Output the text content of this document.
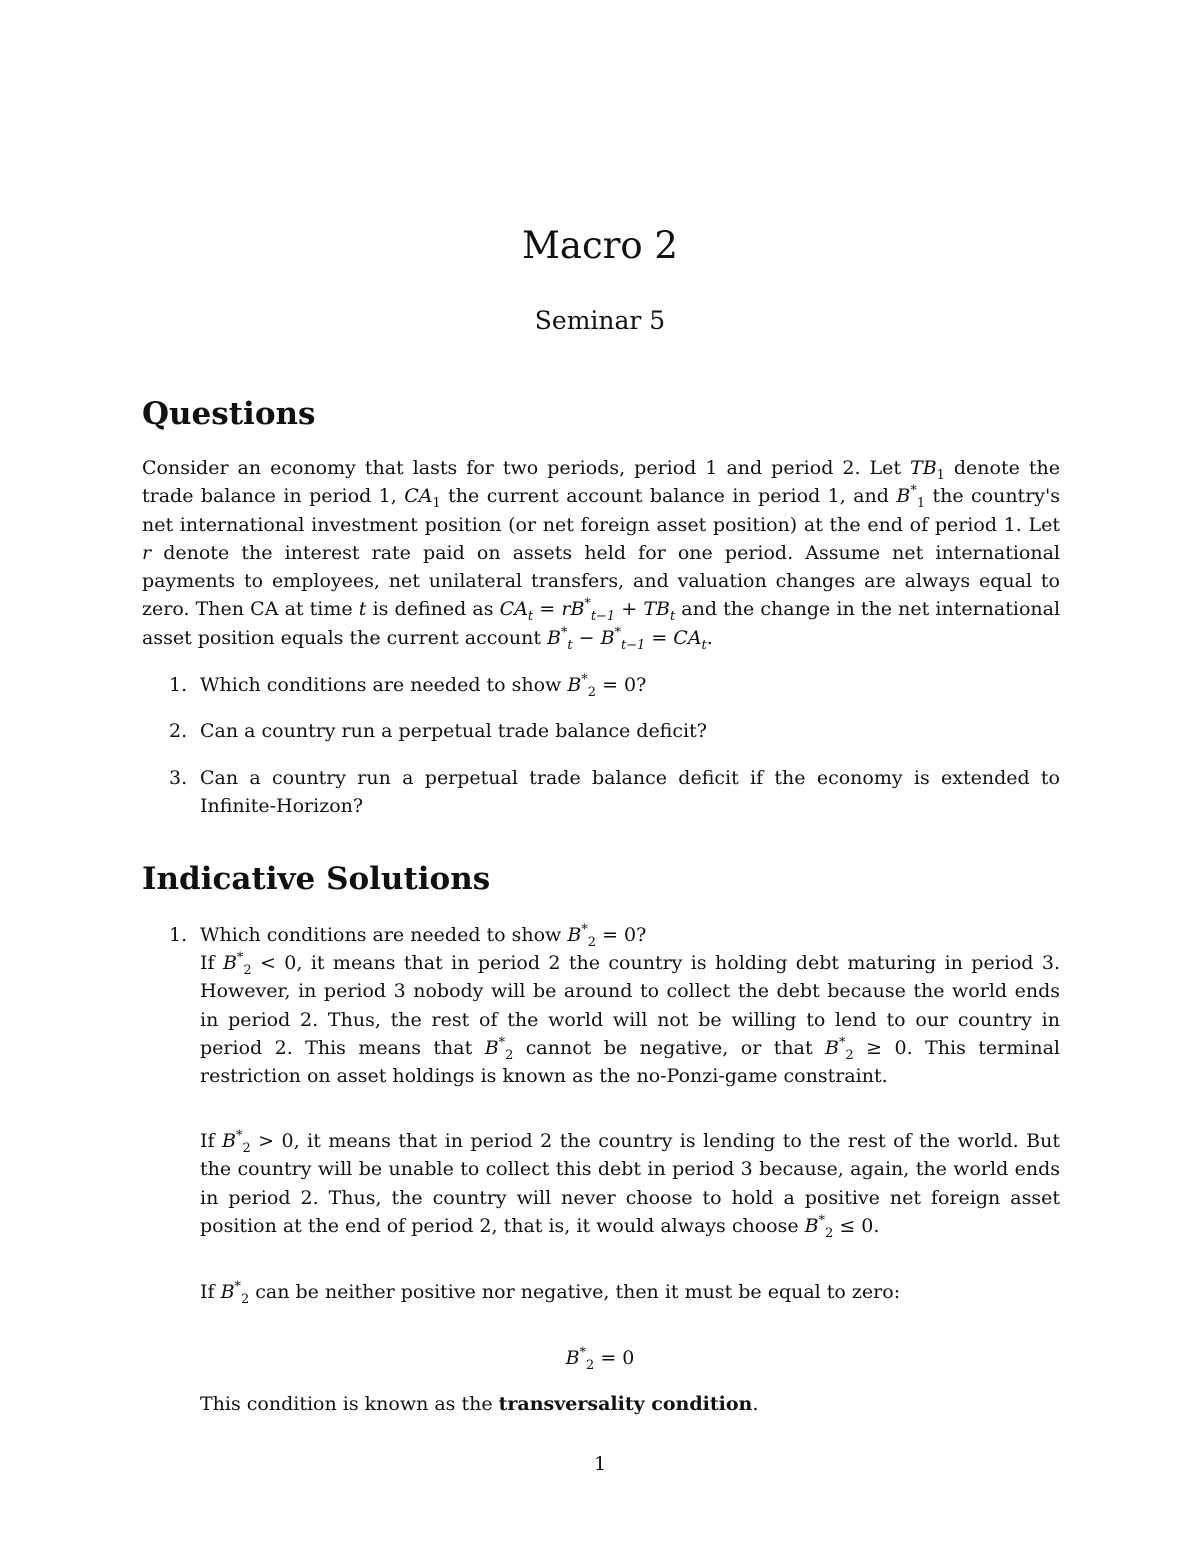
Macro 2
Seminar 5
Questions
Consider an economy that lasts for two periods, period 1 and period 2. Let $TB_1$ denote the trade balance in period 1, $CA_1$ the current account balance in period 1, and $B^*_1$ the country's net international investment position (or net foreign asset position) at the end of period 1. Let r denote the interest rate paid on assets held for one period. Assume net international payments to employees, net unilateral transfers, and valuation changes are always equal to zero. Then CA at time t is defined as $CA_t = rB^*_{t-1} + TB_t$ and the change in the net international asset position equals the current account $B^*_t - B^*_{t-1} = CA_t$.
1. Which conditions are needed to show $B^*_2 = 0$?
2. Can a country run a perpetual trade balance deficit?
3. Can a country run a perpetual trade balance deficit if the economy is extended to Infinite-Horizon?
Indicative Solutions
1. Which conditions are needed to show $B^*_2 = 0$?
If $B^*_2 < 0$, it means that in period 2 the country is holding debt maturing in period 3. However, in period 3 nobody will be around to collect the debt because the world ends in period 2. Thus, the rest of the world will not be willing to lend to our country in period 2. This means that $B^*_2$ cannot be negative, or that $B^*_2 \ge 0$. This terminal restriction on asset holdings is known as the no-Ponzi-game constraint.
If $B^*_2 > 0$, it means that in period 2 the country is lending to the rest of the world. But the country will be unable to collect this debt in period 3 because, again, the world ends in period 2. Thus, the country will never choose to hold a positive net foreign asset position at the end of period 2, that is, it would always choose $B^*_2 \le 0$.
If $B^*_2$ can be neither positive nor negative, then it must be equal to zero:
$B^*_2 = 0$
This condition is known as the transversality condition.
1
